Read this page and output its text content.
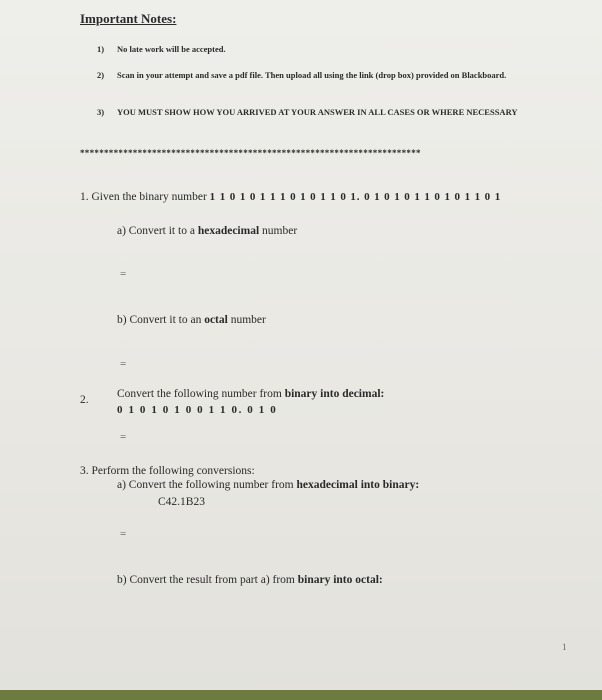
Important Notes:
1) No late work will be accepted.
2) Scan in your attempt and save a pdf file. Then upload all using the link (drop box) provided on Blackboard.
3) YOU MUST SHOW HOW YOU ARRIVED AT YOUR ANSWER IN ALL CASES OR WHERE NECESSARY
***********************************************************************
1. Given the binary number 1 1 0 1 0 1 1 1 0 1 0 1 1 0 1. 0 1 0 1 0 1 1 0 1 0 1 1 0 1
a) Convert it to a hexadecimal number
=
b) Convert it to an octal number
=
2. Convert the following number from binary into decimal:
0 1 0 1 0 1 0 0 1 1 0. 0 1 0
=
3. Perform the following conversions:
a) Convert the following number from hexadecimal into binary:
C42.1B23
=
b) Convert the result from part a) from binary into octal:
1
